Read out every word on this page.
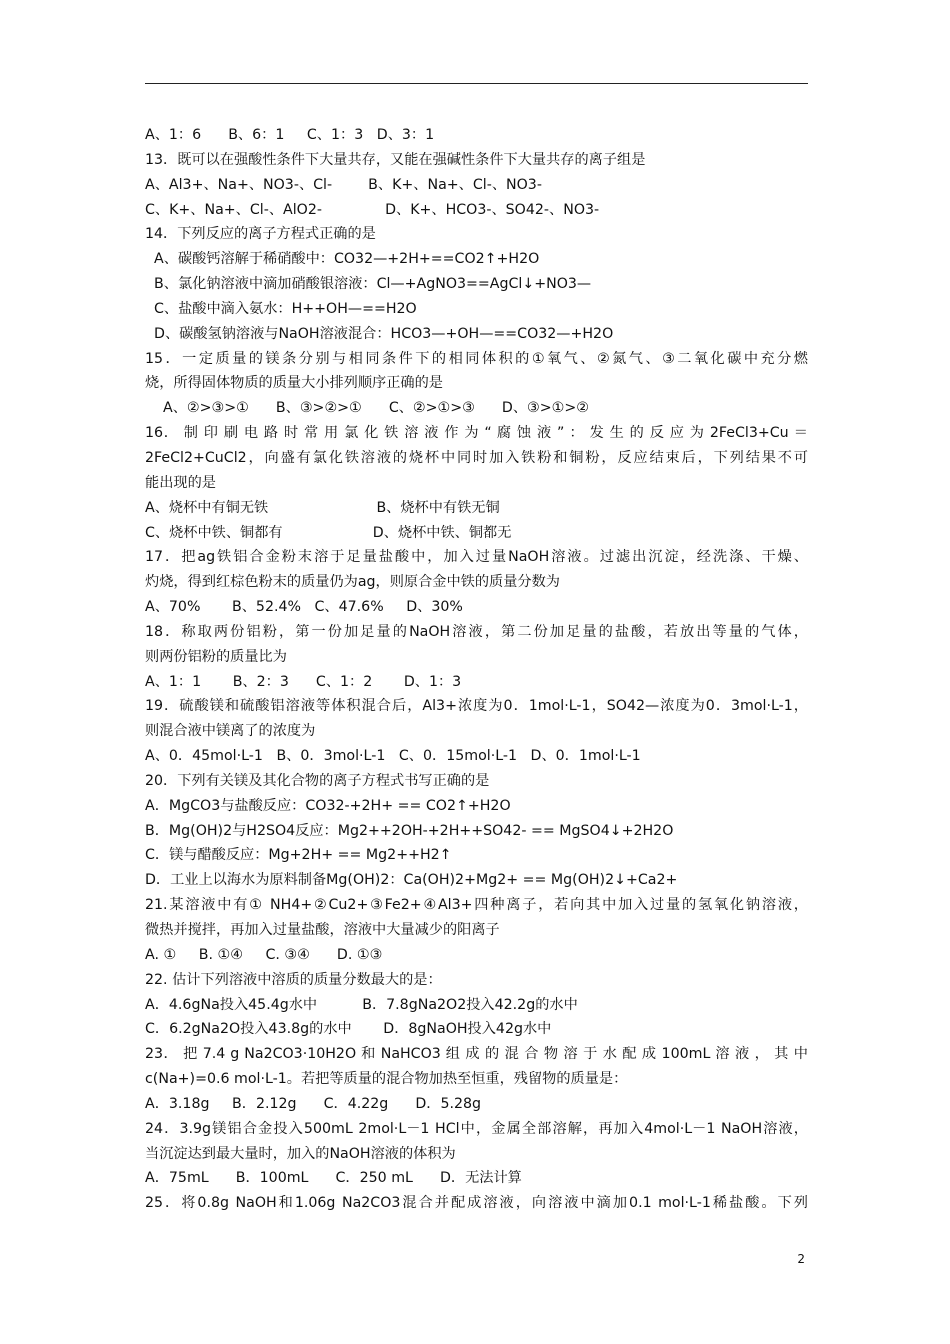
A、1：6      B、6：1     C、1：3   D、3：1
13．既可以在强酸性条件下大量共存，又能在强碱性条件下大量共存的离子组是
A、Al3+、Na+、NO3-、Cl-        B、K+、Na+、Cl-、NO3-
C、K+、Na+、Cl-、AlO2-              D、K+、HCO3-、SO42-、NO3-
14．下列反应的离子方程式正确的是
A、碳酸钙溶解于稀硝酸中：CO32—+2H+==CO2↑+H2O
B、氯化钠溶液中滴加硝酸银溶液：Cl—+AgNO3==AgCl↓+NO3—
C、盐酸中滴入氨水：H++OH—==H2O
D、碳酸氢钠溶液与NaOH溶液混合：HCO3—+OH—==CO32—+H2O
15．一定质量的镁条分别与相同条件下的相同体积的①氧气、②氮气、③二氧化碳中充分燃
烧，所得固体物质的质量大小排列顺序正确的是
A、②>③>①      B、③>②>①      C、②>①>③      D、③>①>②
16． 制 印 刷 电 路 时 常 用 氯 化 铁 溶 液 作 为 “ 腐 蚀 液 ” ： 发 生 的 反 应 为 2FeCl3+Cu ＝
2FeCl2+CuCl2，向盛有氯化铁溶液的烧杯中同时加入铁粉和铜粉，反应结束后，下列结果不可
能出现的是
A、烧杯中有铜无铁                        B、烧杯中有铁无铜
C、烧杯中铁、铜都有                    D、烧杯中铁、铜都无
17．把ag铁铝合金粉末溶于足量盐酸中，加入过量NaOH溶液。过滤出沉淀，经洗涤、干燥、
灼烧，得到红棕色粉末的质量仍为ag，则原合金中铁的质量分数为
A、70%       B、52.4%   C、47.6%     D、30%
18．称取两份铝粉，第一份加足量的NaOH溶液，第二份加足量的盐酸，若放出等量的气体，
则两份铝粉的质量比为
A、1：1       B、2：3      C、1：2       D、1：3
19．硫酸镁和硫酸铝溶液等体积混合后，Al3+浓度为0．1mol·L-1，SO42—浓度为0．3mol·L-1，
则混合液中镁离了的浓度为
A、0．45mol·L-1   B、0．3mol·L-1   C、0．15mol·L-1   D、0．1mol·L-1
20．下列有关镁及其化合物的离子方程式书写正确的是
A．MgCO3与盐酸反应：CO32-+2H+ == CO2↑+H2O
B．Mg(OH)2与H2SO4反应：Mg2++2OH-+2H++SO42- == MgSO4↓+2H2O
C．镁与醋酸反应：Mg+2H+ == Mg2++H2↑
D．工业上以海水为原料制备Mg(OH)2：Ca(OH)2+Mg2+ == Mg(OH)2↓+Ca2+
21.某溶液中有① NH4+②Cu2+③Fe2+④Al3+四种离子，若向其中加入过量的氢氧化钠溶液，
微热并搅拌，再加入过量盐酸，溶液中大量减少的阳离子
A. ①     B. ①④     C. ③④      D. ①③
22. 估计下列溶液中溶质的质量分数最大的是：
A．4.6gNa投入45.4g水中          B．7.8gNa2O2投入42.2g的水中
C．6.2gNa2O投入43.8g的水中       D．8gNaOH投入42g水中
23． 把 7.4 g Na2CO3·10H2O 和 NaHCO3 组 成 的 混 合 物 溶 于 水 配 成 100mL 溶 液 ， 其 中
c(Na+)=0.6 mol·L-1。若把等质量的混合物加热至恒重，残留物的质量是：
A．3.18g     B．2.12g      C．4.22g      D．5.28g
24．3.9g镁铝合金投入500mL 2mol·L－1 HCl中，金属全部溶解，再加入4mol·L－1 NaOH溶液，
当沉淀达到最大量时，加入的NaOH溶液的体积为
A．75mL      B．100mL      C．250 mL      D．无法计算
25．将0.8g NaOH和1.06g Na2CO3混合并配成溶液，向溶液中滴加0.1 mol·L-1稀盐酸。下列
2
